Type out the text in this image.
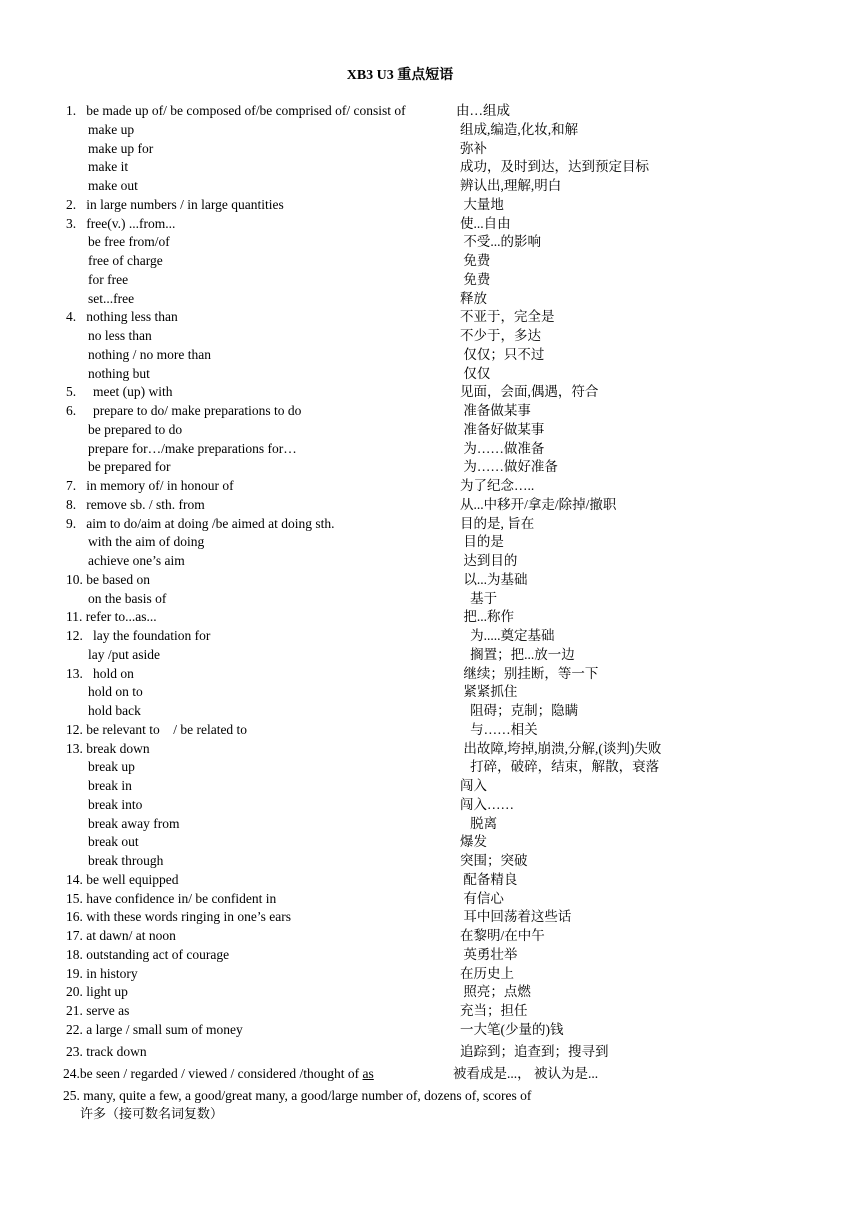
XB3 U3 重点短语
1.   be made up of/ be composed of/be comprised of/ consist of	由…组成
make up	组成,编造,化妆,和解
make up for	弥补
make it	成功，及时到达，达到预定目标
make out	辨认出,理解,明白
2.   in large numbers / in large quantities	大量地
3.   free(v.) ...from...	使...自由
be free from/of	不受...的影响
free of charge	免费
for free	免费
set...free	释放
4.   nothing less than	不亚于，完全是
no less than	不少于，多达
nothing / no more than	仅仅；只不过
nothing but	仅仅
5.     meet (up) with	见面，会面,偶遇，符合
6.     prepare to do/ make preparations to do	准备做某事
be prepared to do	准备好做某事
prepare for…/make preparations for…	为……做准备
be prepared for	为……做好准备
7.   in memory of/ in honour of	为了纪念…..
8.   remove sb. / sth. from	从...中移开/拿走/除掉/撤职
9.   aim to do/aim at doing /be aimed at doing sth.	目的是, 旨在
with the aim of doing	目的是
achieve one’s aim	达到目的
10. be based on	以...为基础
on the basis of	基于
11. refer to...as...	把...称作
12.   lay the foundation for	为.....奠定基础
lay /put aside	搁置；把...放一边
13.   hold on	继续；别挂断，等一下
hold on to	紧紧抓住
hold back	阻碍；克制；隐瞒
12. be relevant to    / be related to	与……相关
13. break down	出故障,垮掉,崩溃,分解,(谈判)失败
break up	打碎，破碎，结束，解散，衰落
break in	闯入
break into	闯入……
break away from	脱离
break out	爆发
break through	突围；突破
14. be well equipped	配备精良
15. have confidence in/ be confident in	有信心
16. with these words ringing in one’s ears	耳中回荡着这些话
17. at dawn/ at noon	在黎明/在中午
18. outstanding act of courage	英勇壮举
19. in history	在历史上
20. light up	照亮；点燃
21. serve as	充当；担任
22. a large / small sum of money	一大笔(少量的)钱
23. track down	追踪到；追查到；搜寻到
24.be seen / regarded / viewed / considered /thought of as	被看成是...， 被认为是...
25. many, quite a few, a good/great many, a good/large number of, dozens of, scores of
许多（接可数名词复数）
